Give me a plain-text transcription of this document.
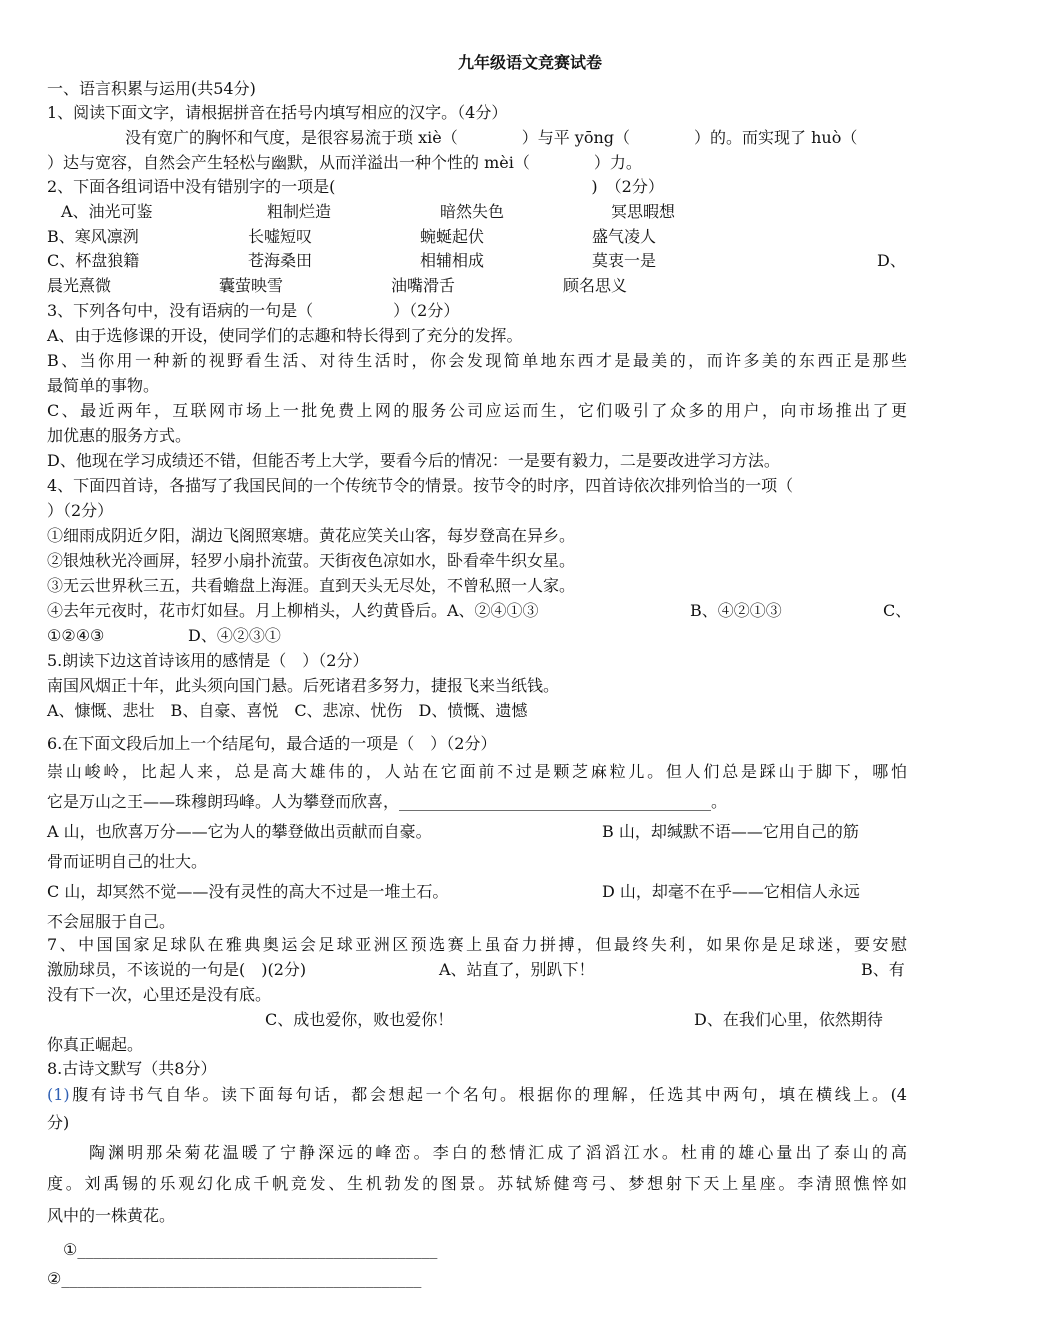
九年级语文竞赛试卷
一、语言积累与运用(共54分)
1、阅读下面文字，请根据拼音在括号内填写相应的汉字。（4分）
没有宽广的胸怀和气度，是很容易流于琐 xiè（　　　　）与平 yōng（　　　　）的。而实现了 huò（
）达与宽容，自然会产生轻松与幽默，从而洋溢出一种个性的 mèi（　　　　）力。
2、下面各组词语中没有错别字的一项是(　　　　　　　　　　　　　　　　)　（2分）
A、油光可鉴	粗制烂造	暗然失色	冥思暇想
B、寒风凛洌	长嘘短叹	蜿蜒起伏	盛气凌人
C、杯盘狼籍	苍海桑田	相辅相成	莫衷一是	D、
晨光熹微	囊萤映雪	油嘴滑舌	顾名思义
3、下列各句中，没有语病的一句是（　　　　　）（2分）
A、由于选修课的开设，使同学们的志趣和特长得到了充分的发挥。
B、当你用一种新的视野看生活、对待生活时，你会发现简单地东西才是最美的，而许多美的东西正是那些
最简单的事物。
C、最近两年，互联网市场上一批免费上网的服务公司应运而生，它们吸引了众多的用户，向市场推出了更
加优惠的服务方式。
D、他现在学习成绩还不错，但能否考上大学，要看今后的情况：一是要有毅力，二是要改进学习方法。
4、下面四首诗，各描写了我国民间的一个传统节令的情景。按节令的时序，四首诗依次排列恰当的一项（
）（2分）
①细雨成阴近夕阳，湖边飞阁照寒塘。黄花应笑关山客，每岁登高在异乡。
②银烛秋光冷画屏，轻罗小扇扑流萤。天街夜色凉如水，卧看牵牛织女星。
③无云世界秋三五，共看蟾盘上海涯。直到天头无尽处，不曾私照一人家。
④去年元夜时，花市灯如昼。月上柳梢头，人约黄昏后。A、②④①③	B、④②①③	C、
①②④③	D、④②③①
5.朗读下边这首诗该用的感情是（　）（2分）
南国风烟正十年，此头须向国门悬。后死诸君多努力，捷报飞来当纸钱。
A、慷慨、悲壮　B、自豪、喜悦　C、悲凉、忧伤　D、愤慨、遗憾
6.在下面文段后加上一个结尾句，最合适的一项是（　）（2分）
崇山峻岭，比起人来，总是高大雄伟的，人站在它面前不过是颗芝麻粒儿。但人们总是踩山于脚下，哪怕
它是万山之王——珠穆朗玛峰。人为攀登而欣喜，_______________________________________。
A 山，也欣喜万分——它为人的攀登做出贡献而自豪。	B 山，却缄默不语——它用自己的筋
骨而证明自己的壮大。
C 山，却冥然不觉——没有灵性的高大不过是一堆土石。	D 山，却毫不在乎——它相信人永远
不会屈服于自己。
7、中国国家足球队在雅典奥运会足球亚洲区预选赛上虽奋力拼搏，但最终失利，如果你是足球迷，要安慰
激励球员，不该说的一句是(　)(2分)	A、站直了，别趴下！	B、有
没有下一次，心里还是没有底。
C、成也爱你，败也爱你！	D、在我们心里，依然期待
你真正崛起。
8.古诗文默写（共8分）
(1)腹有诗书气自华。读下面每句话，都会想起一个名句。根据你的理解，任选其中两句，填在横线上。(4
分)
陶渊明那朵菊花温暖了宁静深远的峰峦。李白的愁情汇成了滔滔江水。杜甫的雄心量出了泰山的高
度。刘禹锡的乐观幻化成千帆竞发、生机勃发的图景。苏轼矫健弯弓、梦想射下天上星座。李清照憔悴如
风中的一株黄花。
①_____________________________________________
②_____________________________________________
